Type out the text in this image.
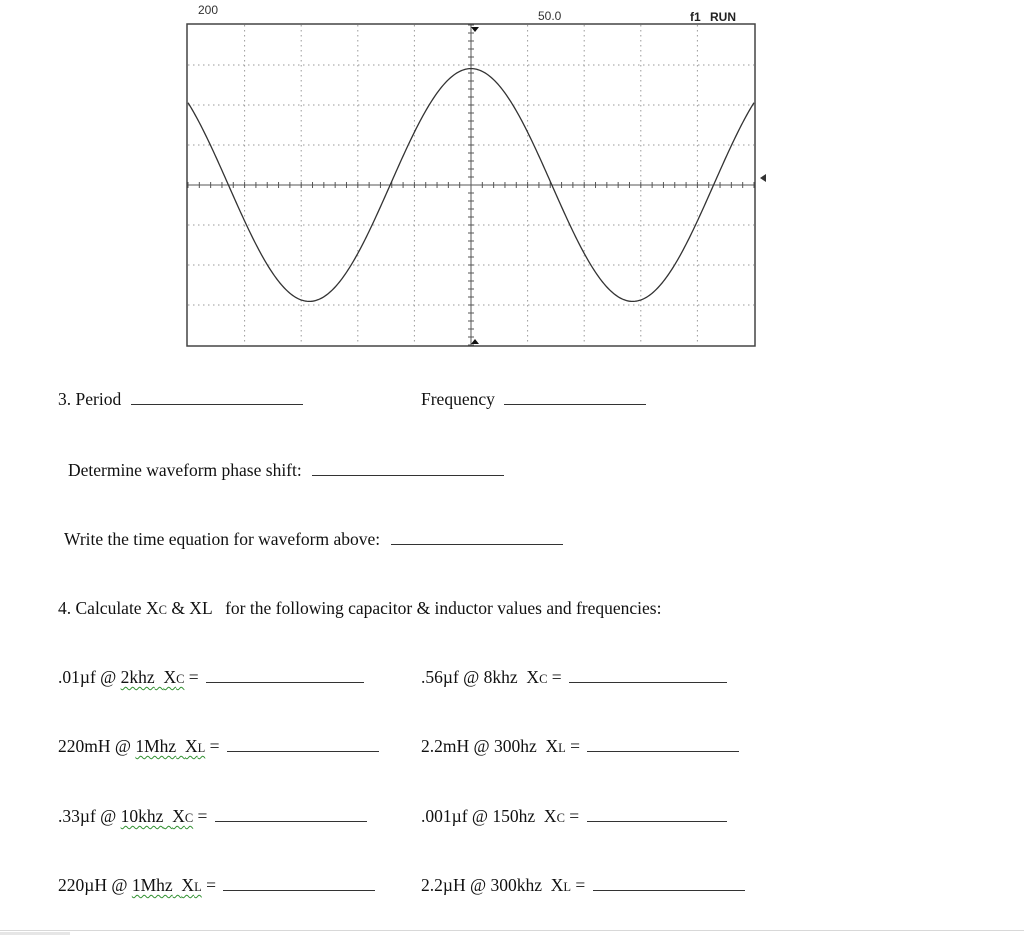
200	50.0	f1 RUN
3. Period	Frequency
Determine waveform phase shift:
Write the time equation for waveform above:
4. Calculate XC & XL   for the following capacitor & inductor values and frequencies:
.01µf @ 2khz XC =	.56µf @ 8khz  XC =
220mH @ 1Mhz XL =	2.2mH @ 300hz  XL =
.33µf @ 10khz XC =	.001µf @ 150hz  XC =
220µH @ 1Mhz XL =	2.2µH @ 300khz  XL =
